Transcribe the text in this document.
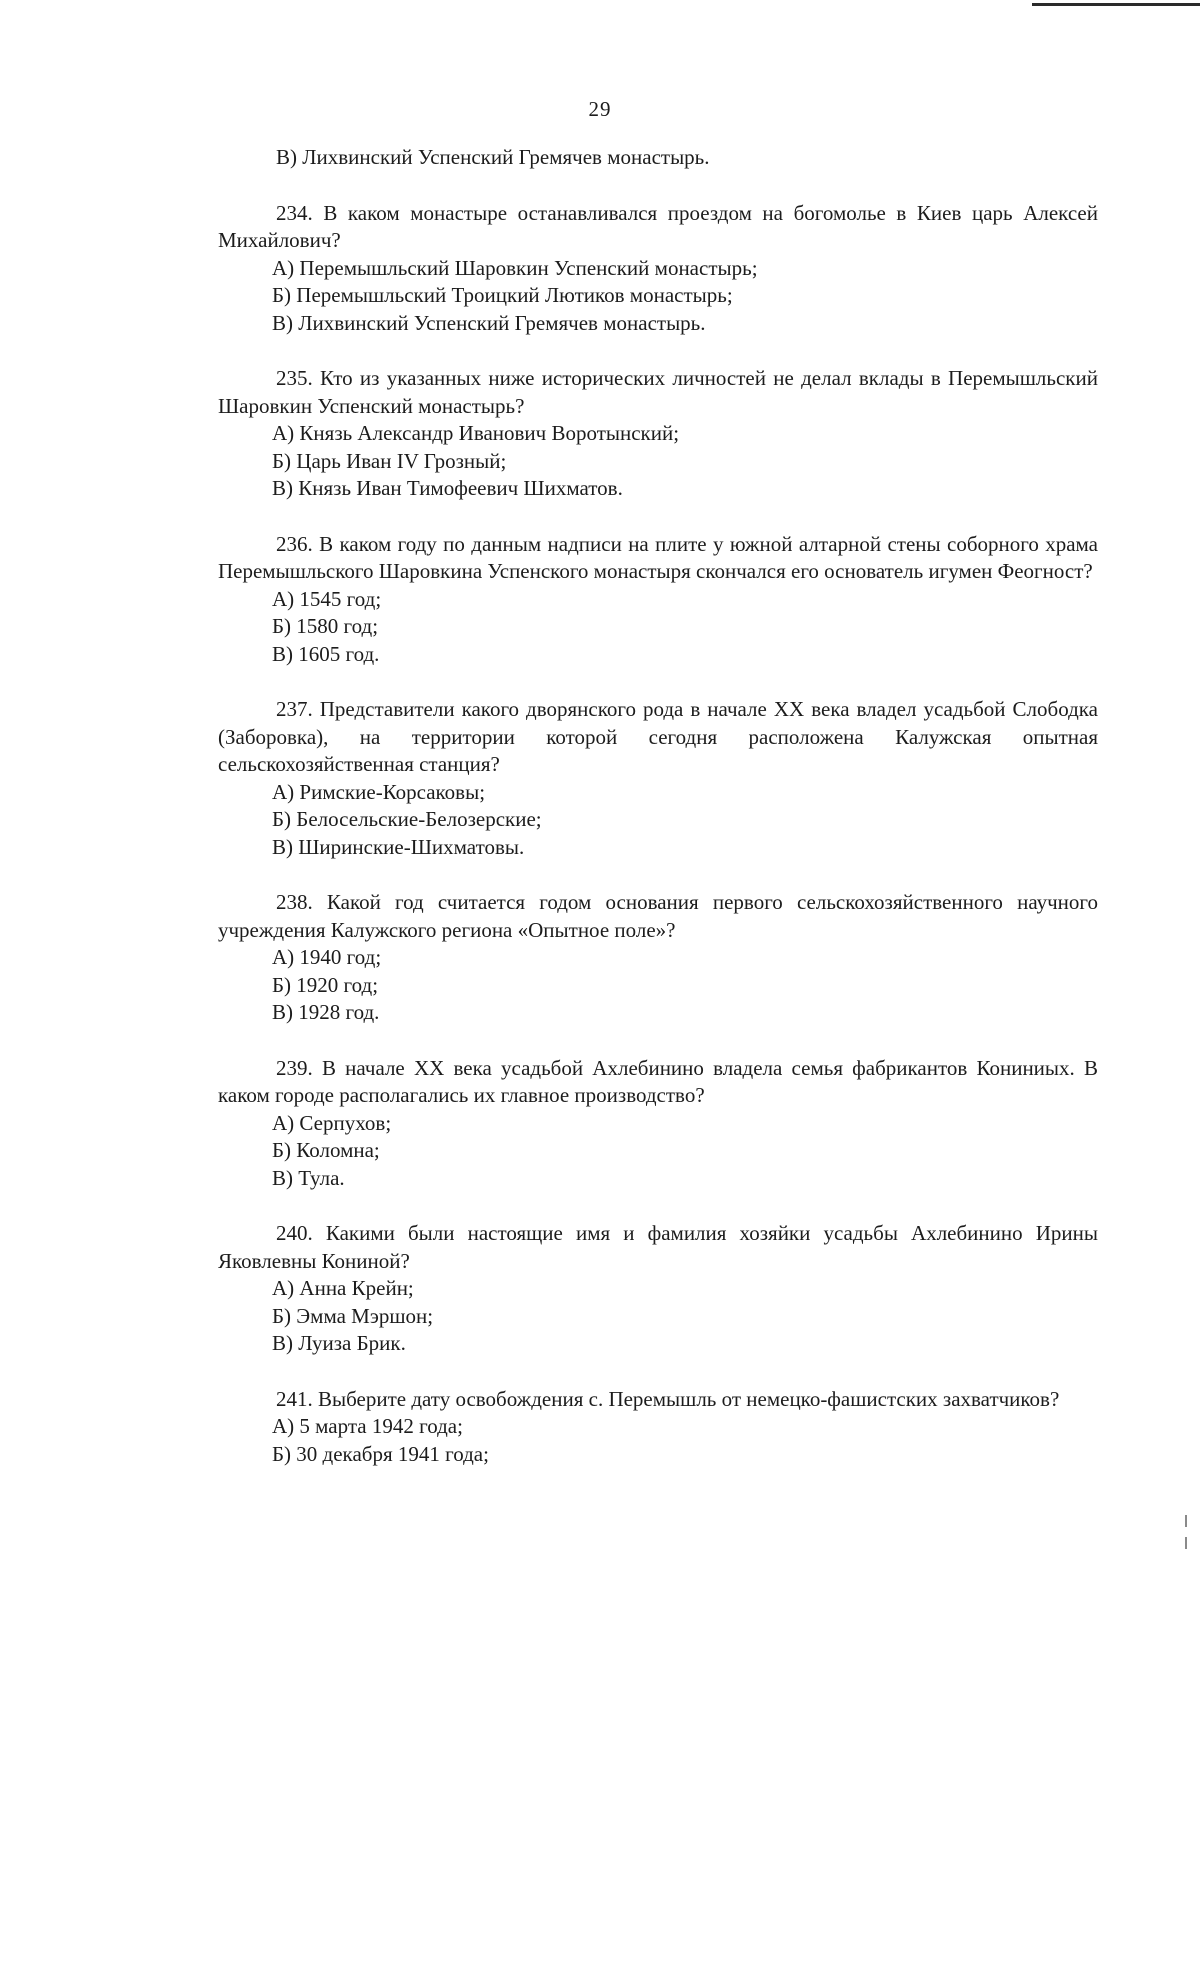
29

В) Лихвинский Успенский Гремячев монастырь.

234. В каком монастыре останавливался проездом на богомолье в Киев царь Алексей Михайлович?

А) Перемышльский Шаровкин Успенский монастырь;
Б) Перемышльский Троицкий Лютиков монастырь;
В) Лихвинский Успенский Гремячев монастырь.

235. Кто из указанных ниже исторических личностей не делал вклады в Перемышльский Шаровкин Успенский монастырь?

А) Князь Александр Иванович Воротынский;
Б) Царь Иван IV Грозный;
В) Князь Иван Тимофеевич Шихматов.

236. В каком году по данным надписи на плите у южной алтарной стены соборного храма Перемышльского Шаровкина Успенского монастыря скончался его основатель игумен Феогност?

А) 1545 год;
Б) 1580 год;
В) 1605 год.

237. Представители какого дворянского рода в начале XX века владел усадьбой Слободка (Заборовка), на территории которой сегодня расположена Калужская опытная сельскохозяйственная станция?

А) Римские-Корсаковы;
Б) Белосельские-Белозерские;
В) Ширинские-Шихматовы.

238. Какой год считается годом основания первого сельскохозяйственного научного учреждения Калужского региона «Опытное поле»?

А) 1940 год;
Б) 1920 год;
В) 1928 год.

239. В начале XX века усадьбой Ахлебинино владела семья фабрикантов Кониниых. В каком городе располагались их главное производство?

А) Серпухов;
Б) Коломна;
В) Тула.

240. Какими были настоящие имя и фамилия хозяйки усадьбы Ахлебинино Ирины Яковлевны Кониной?

А) Анна Крейн;
Б) Эмма Мэршон;
В) Луиза Брик.

241. Выберите дату освобождения с. Перемышль от немецко-фашистских захватчиков?

А) 5 марта 1942 года;
Б) 30 декабря 1941 года;
